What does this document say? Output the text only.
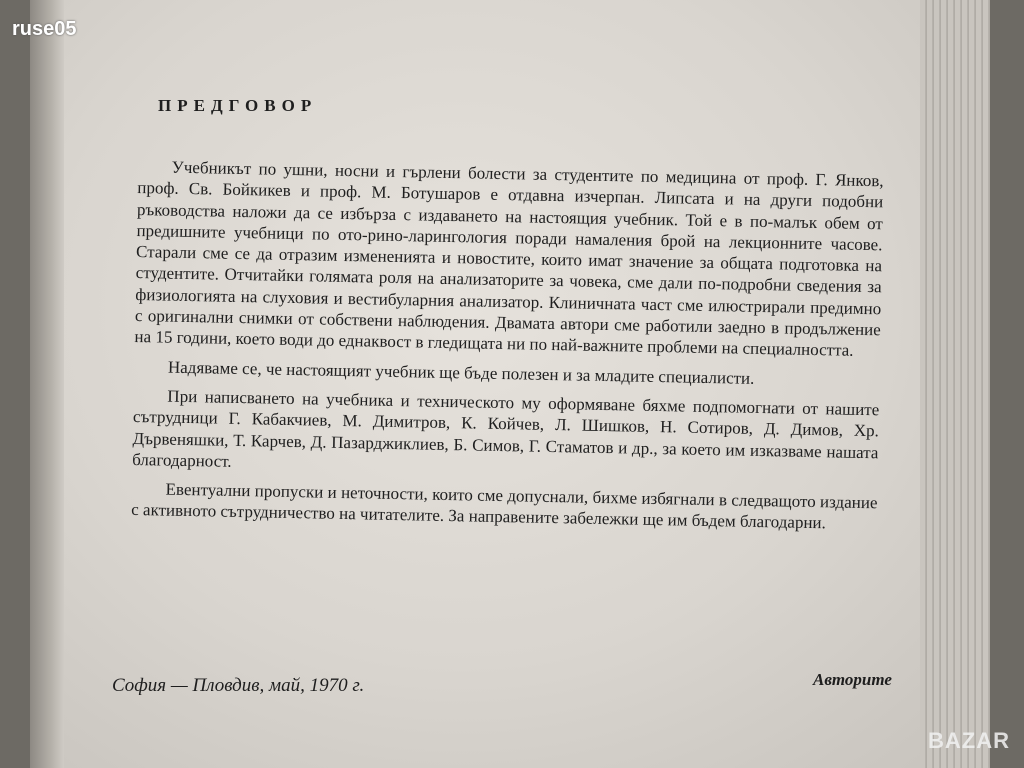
ruse05
ПРЕДГОВОР

Учебникът по ушни, носни и гърлени болести за студентите по медицина от проф. Г. Янков, проф. Св. Бойкикев и проф. М. Ботушаров е отдавна изчерпан. Липсата и на други подобни ръководства наложи да се избърза с издаването на настоящия учебник. Той е в по-малък обем от предишните учебници по ото-рино-ларингология поради намаления брой на лекционните часове. Старали сме се да отразим измененията и новостите, които имат значение за общата подготовка на студентите. Отчитайки голямата роля на анализаторите за човека, сме дали по-подробни сведения за физиологията на слуховия и вестибуларния анализатор. Клиничната част сме илюстрирали предимно с оригинални снимки от собствени наблюдения. Двамата автори сме работили заедно в продължение на 15 години, което води до еднаквост в гледищата ни по най-важните проблеми на специалността.

Надяваме се, че настоящият учебник ще бъде полезен и за младите специалисти.

При написването на учебника и техническото му оформяване бяхме подпомогнати от нашите сътрудници Г. Кабакчиев, М. Димитров, К. Койчев, Л. Шишков, Н. Сотиров, Д. Димов, Хр. Дървеняшки, Т. Карчев, Д. Пазарджиклиев, Б. Симов, Г. Стаматов и др., за което им изказваме нашата благодарност.

Евентуални пропуски и неточности, които сме допуснали, бихме избягнали в следващото издание с активното сътрудничество на читателите. За направените забележки ще им бъдем благодарни.

София — Пловдив, май, 1970 г.	Авторите
BAZAR
